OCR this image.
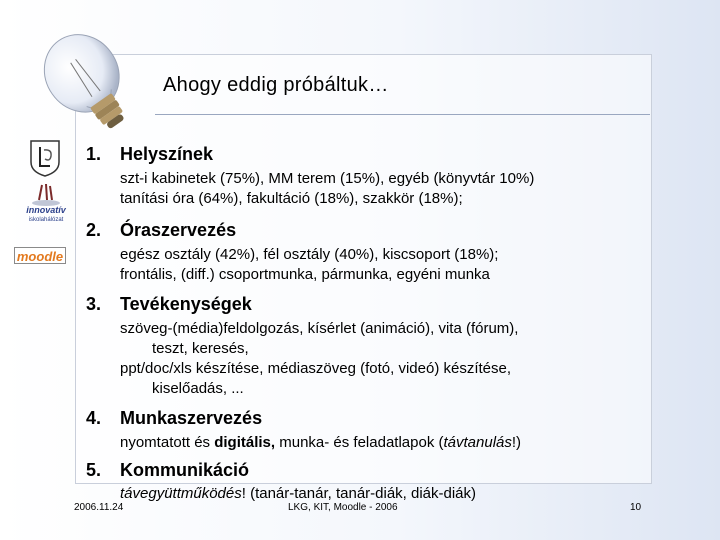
Ahogy eddig próbáltuk…
innovatív
iskolahálózat
moodle
1. Helyszínek
szt-i kabinetek (75%), MM terem (15%), egyéb (könyvtár 10%)
tanítási óra (64%), fakultáció (18%), szakkör (18%);
2. Óraszervezés
egész osztály (42%), fél osztály (40%), kiscsoport (18%);
frontális, (diff.) csoportmunka, pármunka, egyéni munka
3. Tevékenységek
szöveg-(média)feldolgozás, kísérlet (animáció), vita (fórum),
teszt, keresés,
ppt/doc/xls készítése, médiaszöveg (fotó, videó) készítése,
kiselőadás, ...
4. Munkaszervezés
nyomtatott és digitális, munka- és feladatlapok (távtanulás!)
5. Kommunikáció
távegyüttműködés! (tanár-tanár, tanár-diák, diák-diák)
2006.11.24	LKG, KIT, Moodle - 2006	10
